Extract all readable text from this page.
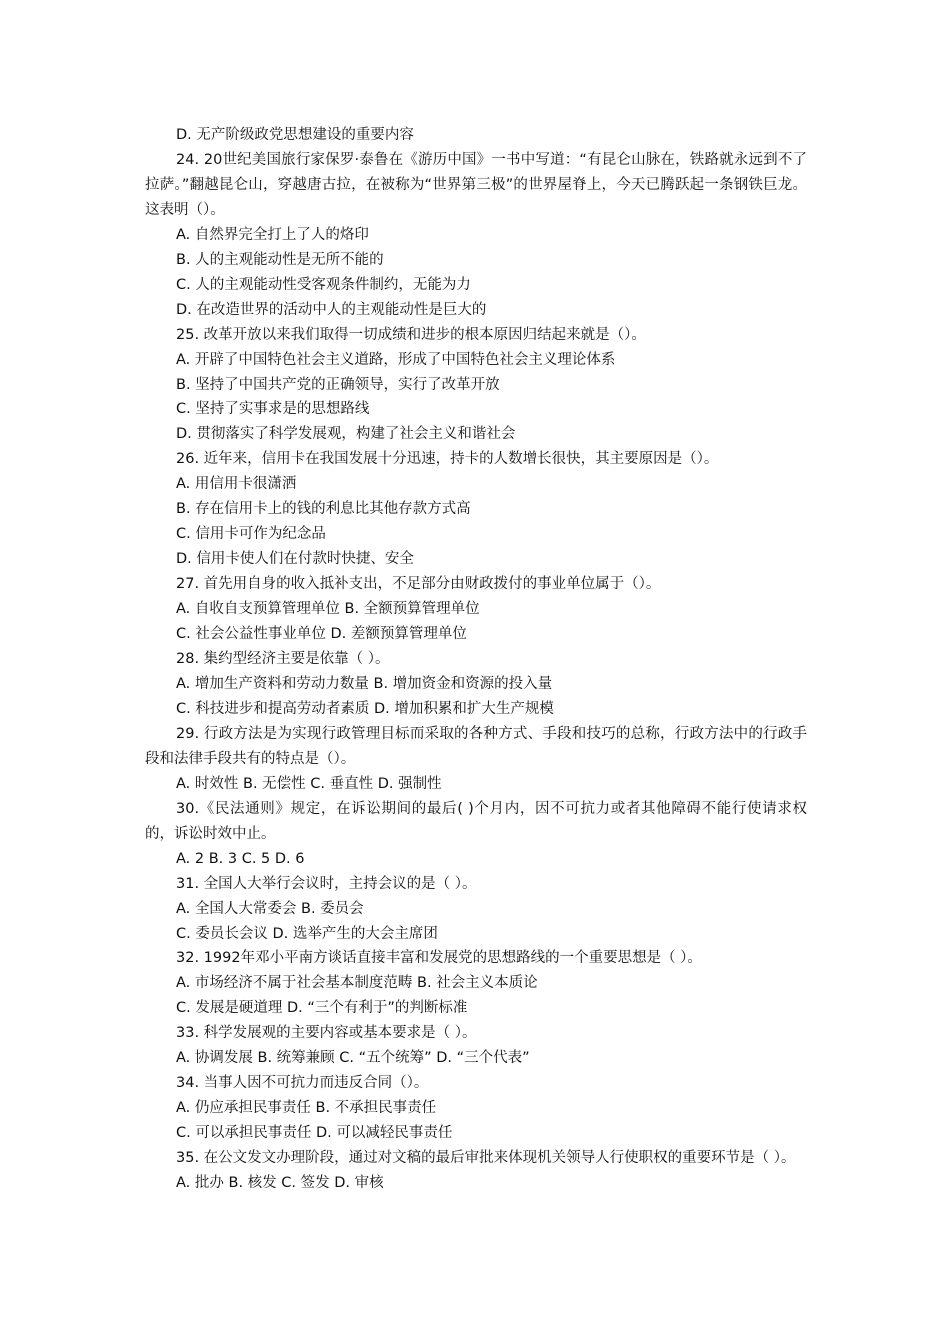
D. 无产阶级政党思想建设的重要内容

24. 20世纪美国旅行家保罗·泰鲁在《游历中国》一书中写道：“有昆仑山脉在，铁路就永远到不了拉萨。”翻越昆仑山，穿越唐古拉，在被称为“世界第三极”的世界屋脊上，今天已腾跃起一条钢铁巨龙。这表明（）。

A. 自然界完全打上了人的烙印

B. 人的主观能动性是无所不能的

C. 人的主观能动性受客观条件制约，无能为力

D. 在改造世界的活动中人的主观能动性是巨大的

25. 改革开放以来我们取得一切成绩和进步的根本原因归结起来就是（）。

A. 开辟了中国特色社会主义道路，形成了中国特色社会主义理论体系

B. 坚持了中国共产党的正确领导，实行了改革开放

C. 坚持了实事求是的思想路线

D. 贯彻落实了科学发展观，构建了社会主义和谐社会

26. 近年来，信用卡在我国发展十分迅速，持卡的人数增长很快，其主要原因是（）。

A. 用信用卡很潇洒

B. 存在信用卡上的钱的利息比其他存款方式高

C. 信用卡可作为纪念品

D. 信用卡使人们在付款时快捷、安全

27. 首先用自身的收入抵补支出，不足部分由财政拨付的事业单位属于（）。

A. 自收自支预算管理单位 B. 全额预算管理单位

C. 社会公益性事业单位 D. 差额预算管理单位

28. 集约型经济主要是依靠（ ）。

A. 增加生产资料和劳动力数量 B. 增加资金和资源的投入量

C. 科技进步和提高劳动者素质 D. 增加积累和扩大生产规模

29. 行政方法是为实现行政管理目标而采取的各种方式、手段和技巧的总称，行政方法中的行政手段和法律手段共有的特点是（）。

A. 时效性 B. 无偿性 C. 垂直性 D. 强制性

30.《民法通则》规定，在诉讼期间的最后( )个月内，因不可抗力或者其他障碍不能行使请求权的，诉讼时效中止。

A. 2 B. 3 C. 5 D. 6

31. 全国人大举行会议时，主持会议的是（ ）。

A. 全国人大常委会 B. 委员会

C. 委员长会议 D. 选举产生的大会主席团

32. 1992年邓小平南方谈话直接丰富和发展党的思想路线的一个重要思想是（ ）。

A. 市场经济不属于社会基本制度范畴 B. 社会主义本质论

C. 发展是硬道理 D. “三个有利于”的判断标准

33. 科学发展观的主要内容或基本要求是（ ）。

A. 协调发展 B. 统筹兼顾 C. “五个统筹” D. “三个代表”

34. 当事人因不可抗力而违反合同（）。

A. 仍应承担民事责任 B. 不承担民事责任

C. 可以承担民事责任 D. 可以减轻民事责任

35. 在公文发文办理阶段，通过对文稿的最后审批来体现机关领导人行使职权的重要环节是（ ）。

A. 批办 B. 核发 C. 签发 D. 审核
